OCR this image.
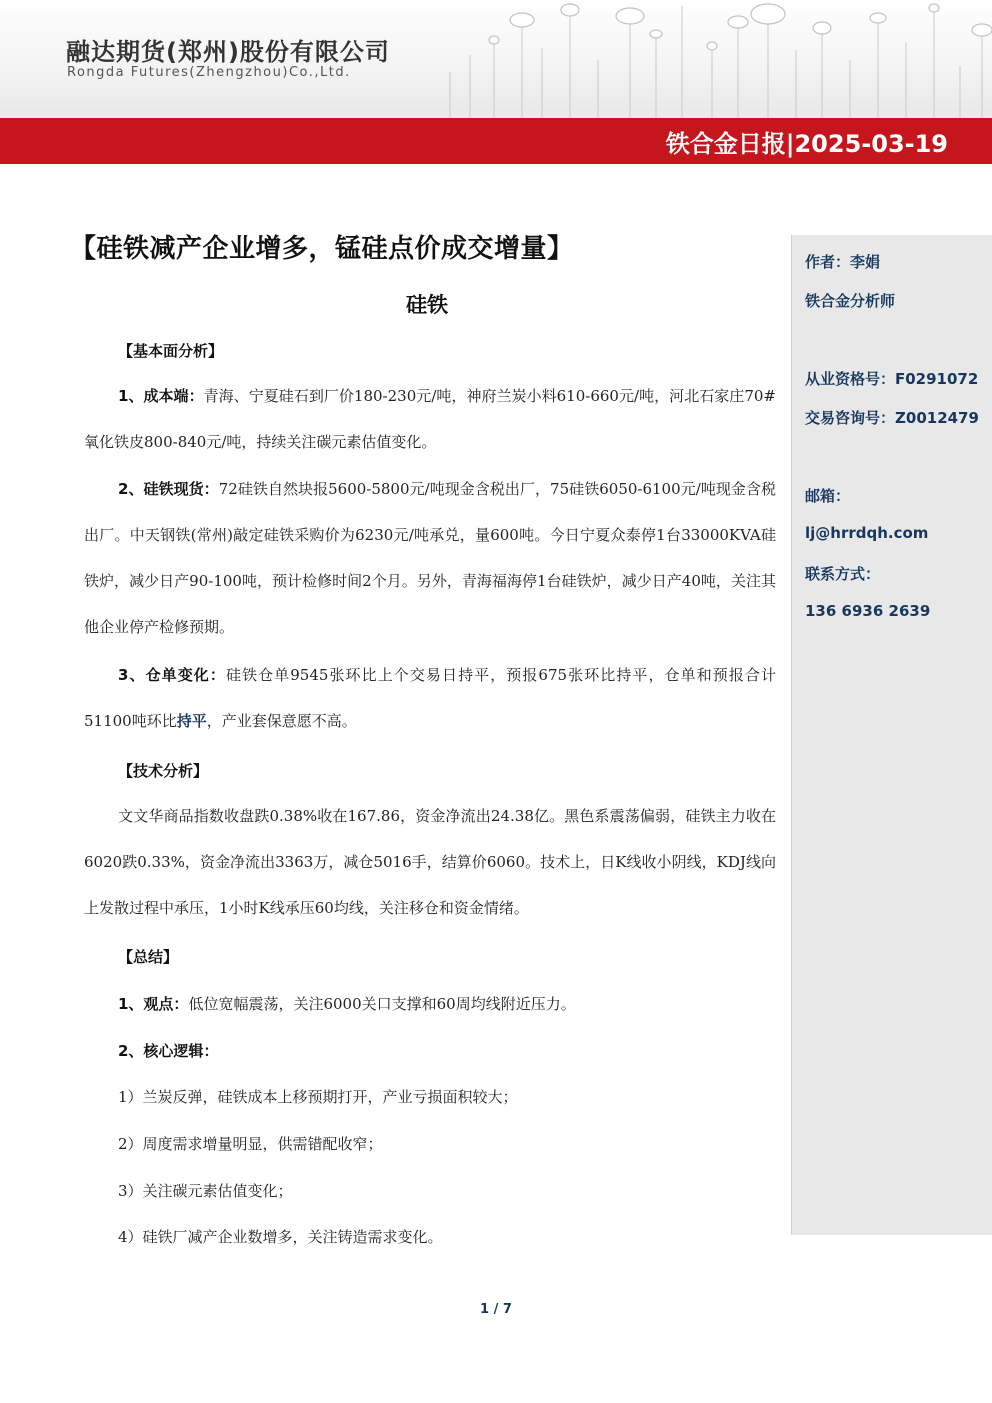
融达期货(郑州)股份有限公司
Rongda Futures(Zhengzhou)Co.,Ltd.
铁合金日报|2025-03-19
作者：李娟
铁合金分析师
从业资格号：F0291072
交易咨询号：Z0012479
邮箱：
lj@hrrdqh.com
联系方式：
136 6936 2639
【硅铁减产企业增多，锰硅点价成交增量】
硅铁
【基本面分析】
1、成本端：青海、宁夏硅石到厂价180-230元/吨，神府兰炭小料610-660元/吨，河北石家庄70#氧化铁皮800-840元/吨，持续关注碳元素估值变化。
2、硅铁现货：72硅铁自然块报5600-5800元/吨现金含税出厂，75硅铁6050-6100元/吨现金含税出厂。中天钢铁(常州)敲定硅铁采购价为6230元/吨承兑，量600吨。今日宁夏众泰停1台33000KVA硅铁炉，减少日产90-100吨，预计检修时间2个月。另外，青海福海停1台硅铁炉，减少日产40吨，关注其他企业停产检修预期。
3、仓单变化：硅铁仓单9545张环比上个交易日持平，预报675张环比持平，仓单和预报合计51100吨环比持平，产业套保意愿不高。
【技术分析】
文文华商品指数收盘跌0.38%收在167.86，资金净流出24.38亿。黑色系震荡偏弱，硅铁主力收在6020跌0.33%，资金净流出3363万，减仓5016手，结算价6060。技术上，日K线收小阴线，KDJ线向上发散过程中承压，1小时K线承压60均线，关注移仓和资金情绪。
【总结】
1、观点：低位宽幅震荡，关注6000关口支撑和60周均线附近压力。
2、核心逻辑：
1）兰炭反弹，硅铁成本上移预期打开，产业亏损面积较大；
2）周度需求增量明显，供需错配收窄；
3）关注碳元素估值变化；
4）硅铁厂减产企业数增多，关注铸造需求变化。
1 / 7
